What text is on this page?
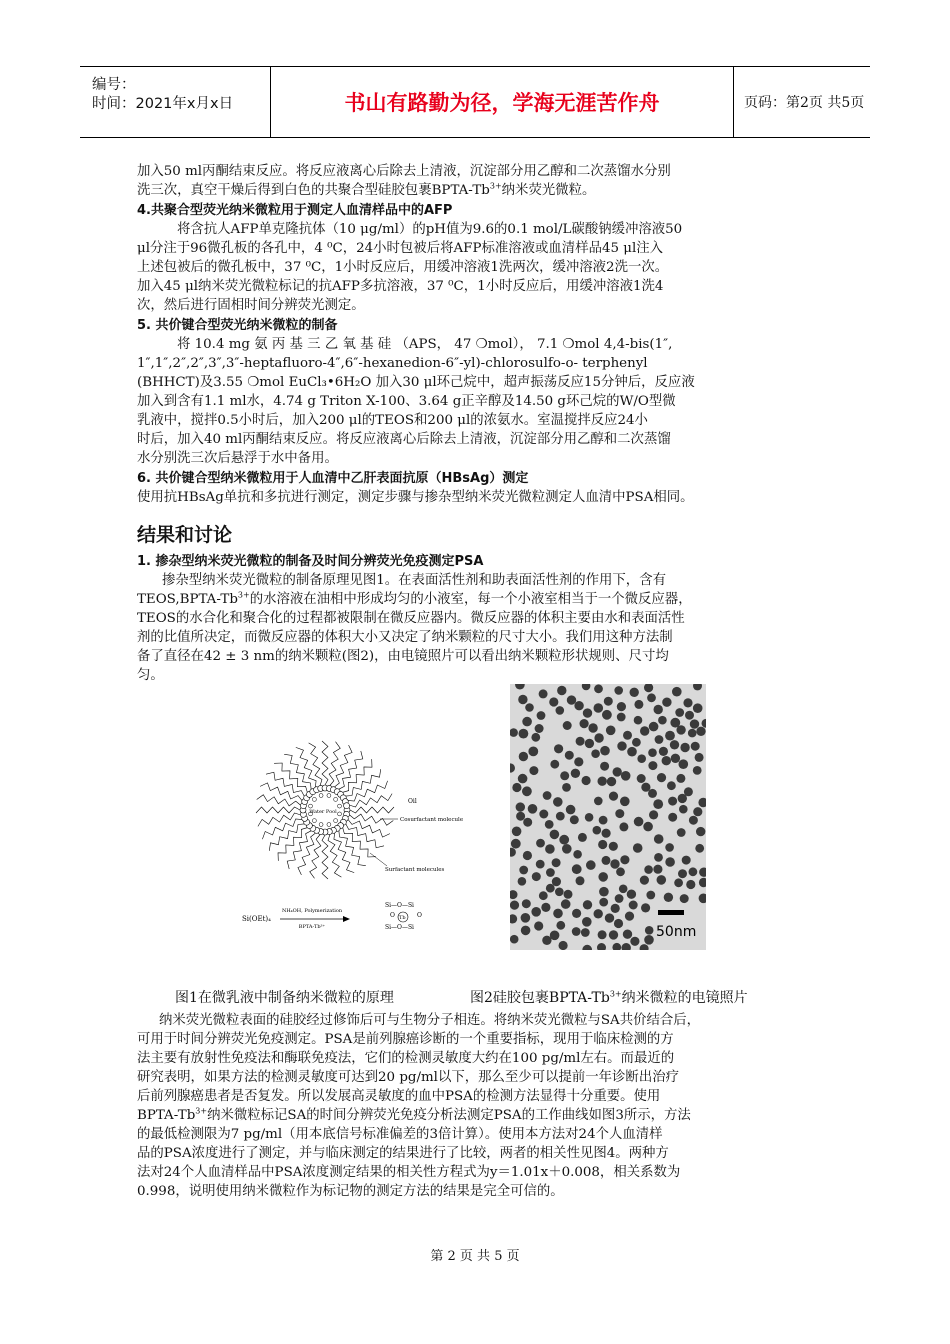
编号：
时间：2021年x月x日	书山有路勤为径，学海无涯苦作舟	页码：第2页 共5页
加入50 ml丙酮结束反应。将反应液离心后除去上清液，沉淀部分用乙醇和二次蒸馏水分别
洗三次，真空干燥后得到白色的共聚合型硅胶包裹BPTA-$Tb^{3+}$纳米荧光微粒。
4.共聚合型荧光纳米微粒用于测定人血清样品中的AFP
将含抗人AFP单克隆抗体（10 μg/ml）的pH值为9.6的0.1 mol/L碳酸钠缓冲溶液50
μl分注于96微孔板的各孔中，4 ⁰C，24小时包被后将AFP标准溶液或血清样品45 μl注入
上述包被后的微孔板中，37 ⁰C，1小时反应后，用缓冲溶液1洗两次，缓冲溶液2洗一次。
加入45 μl纳米荧光微粒标记的抗AFP多抗溶液，37 ⁰C，1小时反应后，用缓冲溶液1洗4
次，然后进行固相时间分辨荧光测定。
5. 共价键合型荧光纳米微粒的制备
将 10.4 mg 氨 丙 基 三 乙 氧 基 硅 （APS， 47 ❍mol）， 7.1 ❍mol 4,4-bis(1″,
1″,1″,2″,2″,3″,3″-heptafluoro-4″,6″-hexanedion-6″-yl)-chlorosulfo-o- terphenyl
(BHHCT)及3.55 ❍mol EuCl₃•6H₂O 加入30 μl环己烷中，超声振荡反应15分钟后，反应液
加入到含有1.1 ml水，4.74 g Triton X-100、3.64 g正辛醇及14.50 g环己烷的W/O型微
乳液中，搅拌0.5小时后，加入200 μl的TEOS和200 μl的浓氨水。室温搅拌反应24小
时后，加入40 ml丙酮结束反应。将反应液离心后除去上清液，沉淀部分用乙醇和二次蒸馏
水分别洗三次后悬浮于水中备用。
6. 共价键合型纳米微粒用于人血清中乙肝表面抗原（HBsAg）测定
使用抗HBsAg单抗和多抗进行测定，测定步骤与掺杂型纳米荧光微粒测定人血清中PSA相同。
结果和讨论
1. 掺杂型纳米荧光微粒的制备及时间分辨荧光免疫测定PSA
掺杂型纳米荧光微粒的制备原理见图1。在表面活性剂和助表面活性剂的作用下，含有
$TEOS,BPTA-Tb^{3+}$的水溶液在油相中形成均匀的小液室，每一个小液室相当于一个微反应器，
TEOS的水合化和聚合化的过程都被限制在微反应器内。微反应器的体积主要由水和表面活性
剂的比值所决定，而微反应器的体积大小又决定了纳米颗粒的尺寸大小。我们用这种方法制
备了直径在42 ± 3 nm的纳米颗粒(图2)，由电镜照片可以看出纳米颗粒形状规则、尺寸均
匀。
Water Pool
Oil
Cosurfactant molecule
Surfactant molecules
Si(OEt)₄
NH₄OH, Polymerization
BPTA-Tb³⁺
Si—O—Si
O	O
Tb
Si—O—Si	50nm
图1在微乳液中制备纳米微粒的原理	图2硅胶包裹BPTA-$Tb^{3+}$纳米微粒的电镜照片
纳米荧光微粒表面的硅胶经过修饰后可与生物分子相连。将纳米荧光微粒与SA共价结合后，
可用于时间分辨荧光免疫测定。PSA是前列腺癌诊断的一个重要指标，现用于临床检测的方
法主要有放射性免疫法和酶联免疫法，它们的检测灵敏度大约在100 pg/ml左右。而最近的
研究表明，如果方法的检测灵敏度可达到20 pg/ml以下，那么至少可以提前一年诊断出治疗
后前列腺癌患者是否复发。所以发展高灵敏度的血中PSA的检测方法显得十分重要。使用
BPTA-$Tb^{3+}$纳米微粒标记SA的时间分辨荧光免疫分析法测定PSA的工作曲线如图3所示，方法
的最低检测限为7 pg/ml（用本底信号标准偏差的3倍计算）。使用本方法对24个人血清样
品的PSA浓度进行了测定，并与临床测定的结果进行了比较，两者的相关性见图4。两种方
法对24个人血清样品中PSA浓度测定结果的相关性方程式为y＝1.01x＋0.008，相关系数为
0.998，说明使用纳米微粒作为标记物的测定方法的结果是完全可信的。
第 2 页 共 5 页
